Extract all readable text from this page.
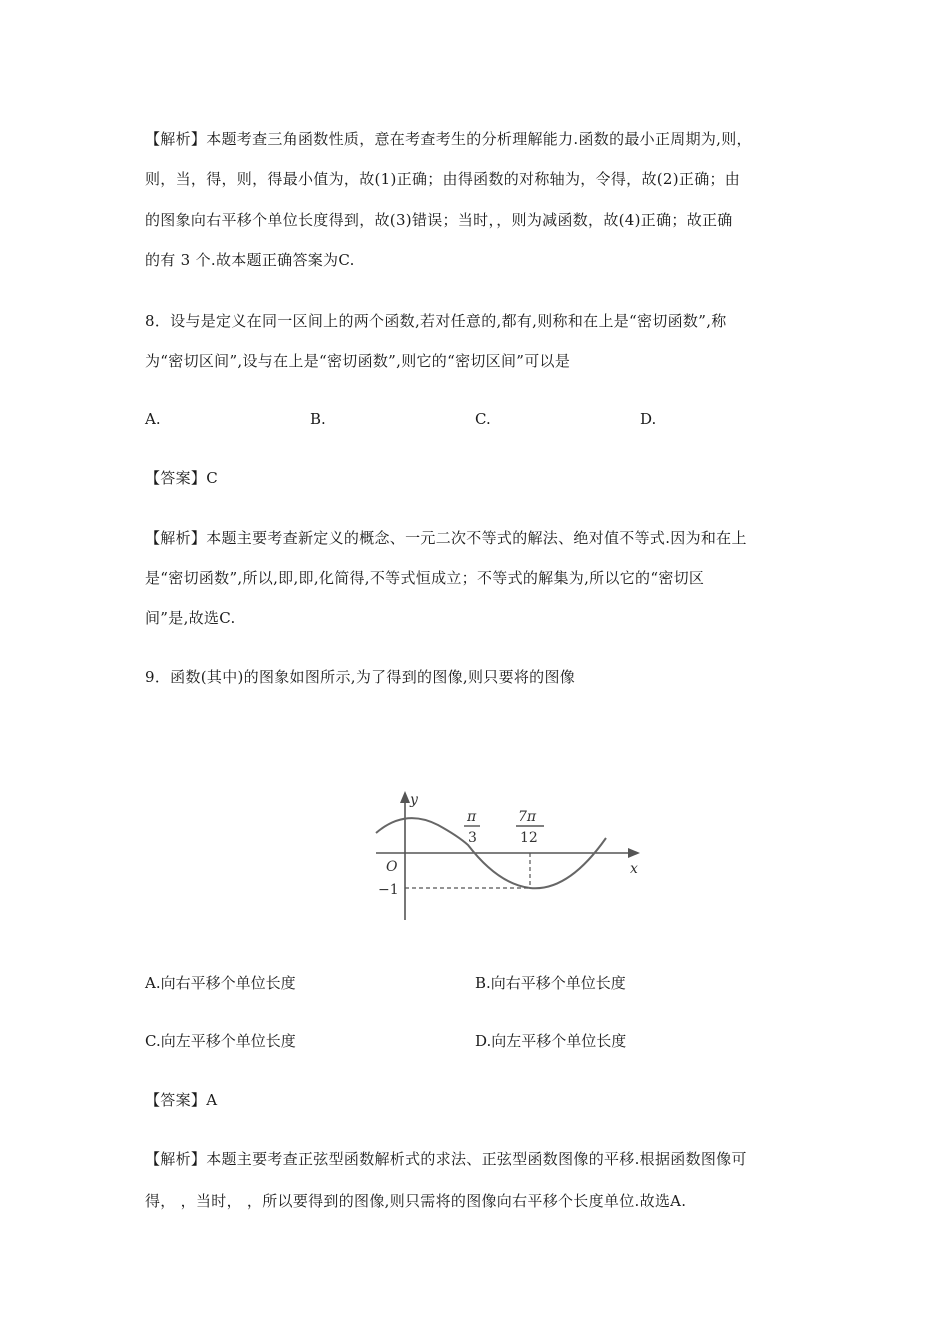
【解析】本题考查三角函数性质，意在考查考生的分析理解能力.函数的最小正周期为,则，
则，当，得，则，得最小值为，故(1)正确；由得函数的对称轴为，令得，故(2)正确；由
的图象向右平移个单位长度得到，故(3)错误；当时，，则为减函数，故(4)正确；故正确
的有 3 个.故本题正确答案为C.
8．设与是定义在同一区间上的两个函数,若对任意的,都有,则称和在上是“密切函数”,称
为“密切区间”,设与在上是“密切函数”,则它的“密切区间”可以是
A.	B.	C.	D.
【答案】C
【解析】本题主要考查新定义的概念、一元二次不等式的解法、绝对值不等式.因为和在上
是“密切函数”,所以,即,即,化简得,不等式恒成立；不等式的解集为,所以它的“密切区
间”是,故选C.
9．函数(其中)的图象如图所示,为了得到的图像,则只要将的图像
y
x
O
−1
π
3
7π
12
A.向右平移个单位长度	B.向右平移个单位长度
C.向左平移个单位长度	D.向左平移个单位长度
【答案】A
【解析】本题主要考查正弦型函数解析式的求法、正弦型函数图像的平移.根据函数图像可
得， ，当时， ，所以要得到的图像,则只需将的图像向右平移个长度单位.故选A.
